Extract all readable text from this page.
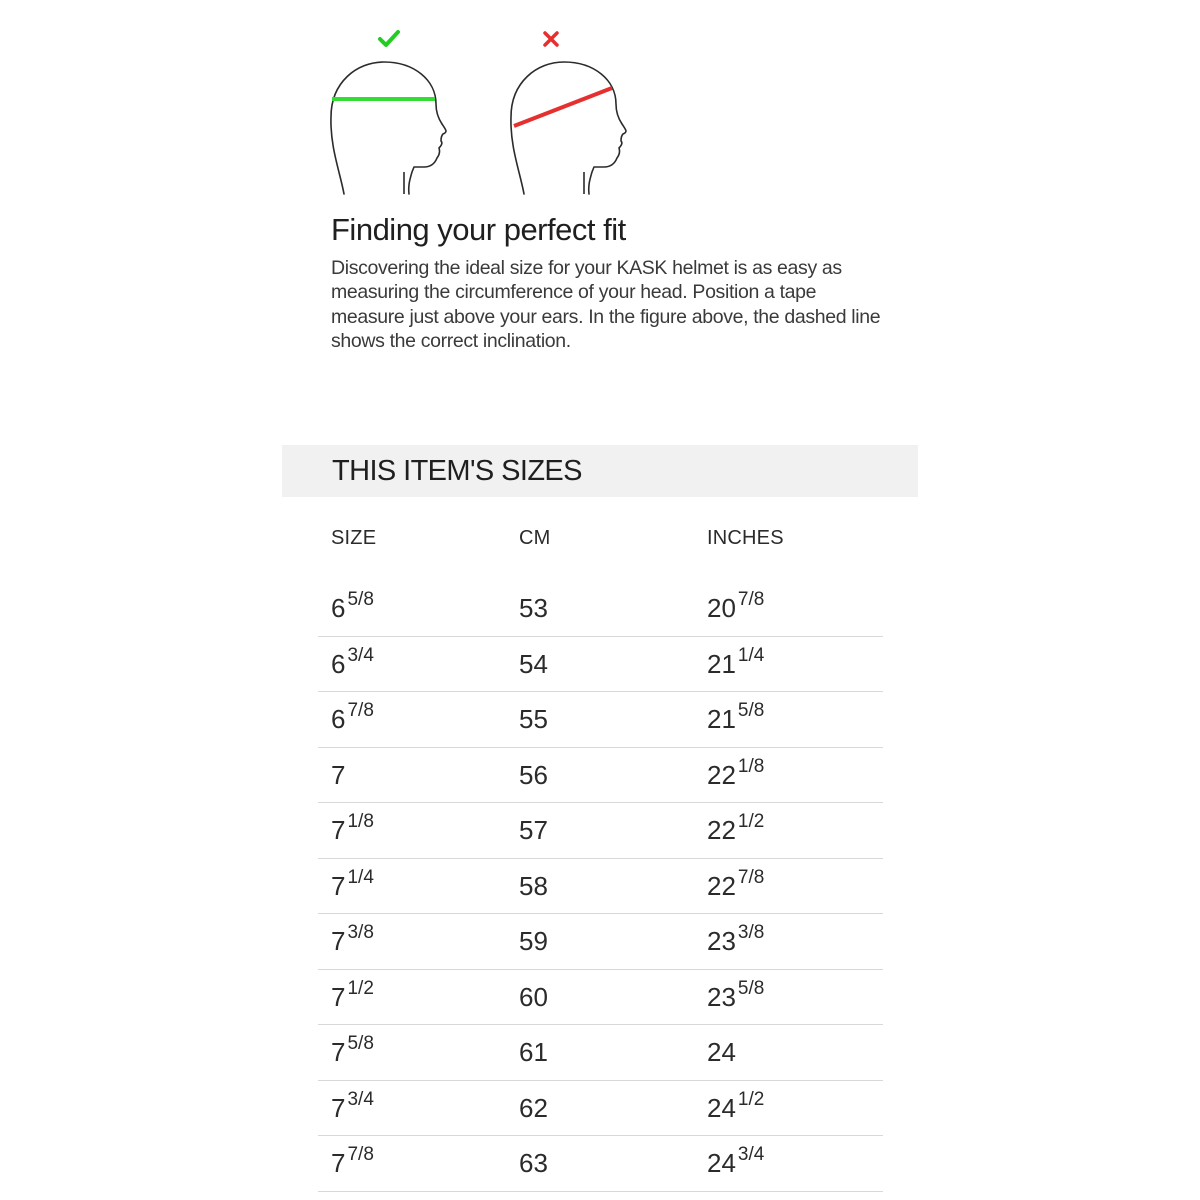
Finding your perfect fit

Discovering the ideal size for your KASK helmet is as easy as measuring the circumference of your head. Position a tape measure just above your ears. In the figure above, the dashed line shows the correct inclination.

THIS ITEM'S SIZES
SIZE	CM	INCHES
6 $^{5/8}$	53	20 $^{7/8}$
6 $^{3/4}$	54	21 $^{1/4}$
6 $^{7/8}$	55	21 $^{5/8}$
7	56	22 $^{1/8}$
7 $^{1/8}$	57	22 $^{1/2}$
7 $^{1/4}$	58	22 $^{7/8}$
7 $^{3/8}$	59	23 $^{3/8}$
7 $^{1/2}$	60	23 $^{5/8}$
7 $^{5/8}$	61	24
7 $^{3/4}$	62	24 $^{1/2}$
7 $^{7/8}$	63	24 $^{3/4}$
